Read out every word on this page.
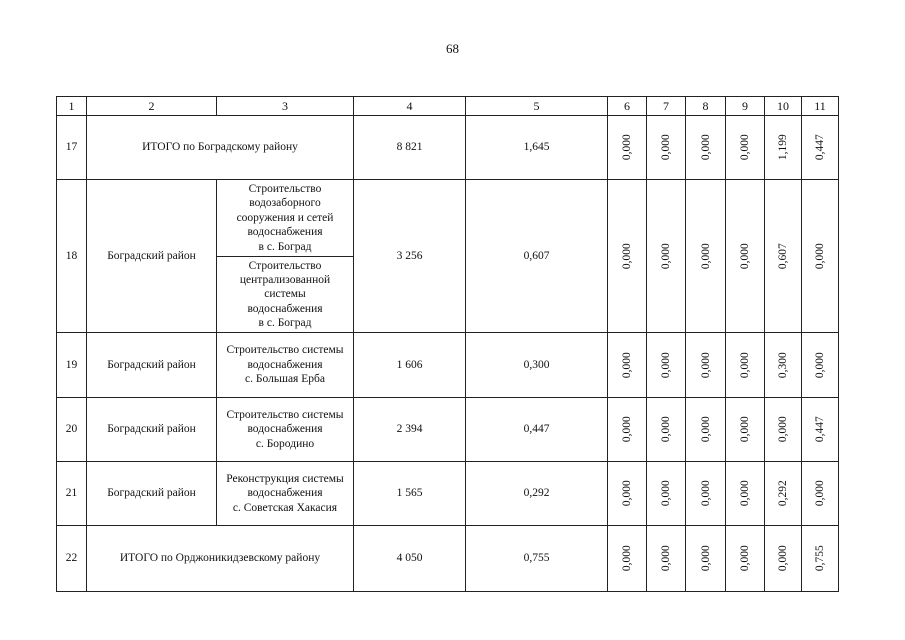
68
1	2	3	4	5	6	7	8	9	10	11
17	ИТОГО по Боградскому району		8 821	1,645	0,000	0,000	0,000	0,000	1,199	0,447
18	Боградский район	Строительство
водозаборного
сооружения и сетей
водоснабжения
в с. Боград	3 256	0,607	0,000	0,000	0,000	0,000	0,607	0,000
		Строительство
централизованной
системы
водоснабжения
в с. Боград								
19	Боградский район	Строительство системы
водоснабжения
с. Большая Ерба	1 606	0,300	0,000	0,000	0,000	0,000	0,300	0,000
20	Боградский район	Строительство системы
водоснабжения
с. Бородино	2 394	0,447	0,000	0,000	0,000	0,000	0,000	0,447
21	Боградский район	Реконструкция системы
водоснабжения
с. Советская Хакасия	1 565	0,292	0,000	0,000	0,000	0,000	0,292	0,000
22	ИТОГО по Орджоникидзевскому району		4 050	0,755	0,000	0,000	0,000	0,000	0,000	0,755
